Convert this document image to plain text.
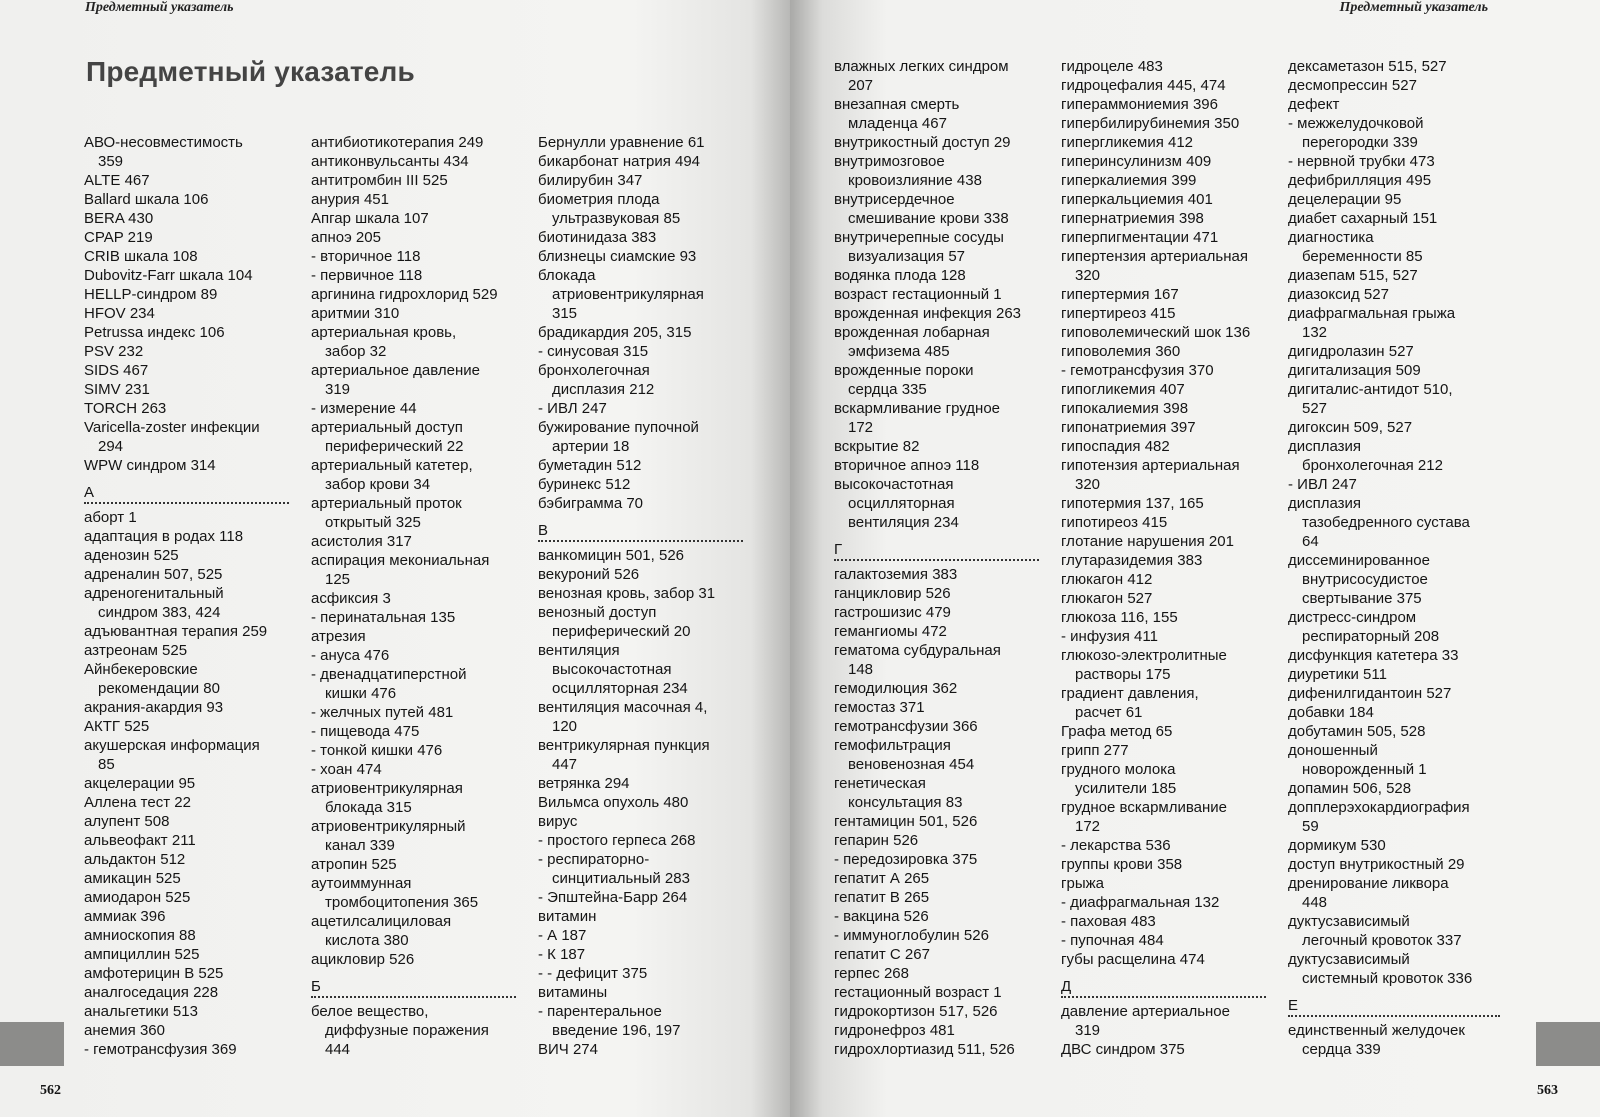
Предметный указатель
Предметный указатель
АВО-несовместимость
359
ALTE 467
Ballard шкала 106
BERA 430
CPAP 219
CRIB шкала 108
Dubovitz-Farr шкала 104
HELLP-синдром 89
HFOV 234
Petrussa индекс 106
PSV 232
SIDS 467
SIMV 231
TORCH 263
Varicella-zoster инфекции
294
WPW синдром 314
А
аборт 1
адаптация в родах 118
аденозин 525
адреналин 507, 525
адреногенитальный
синдром 383, 424
адъювантная терапия 259
азтреонам 525
Айнбекеровские
рекомендации 80
акрания-акардия 93
АКТГ 525
акушерская информация
85
акцелерации 95
Аллена тест 22
алупент 508
альвеофакт 211
альдактон 512
амикацин 525
амиодарон 525
аммиак 396
амниоскопия 88
ампициллин 525
амфотерицин В 525
аналгоседация 228
анальгетики 513
анемия 360
- гемотрансфузия 369
антибиотикотерапия 249
антиконвульсанты 434
антитромбин III 525
анурия 451
Апгар шкала 107
апноэ 205
- вторичное 118
- первичное 118
аргинина гидрохлорид 529
аритмии 310
артериальная кровь,
забор 32
артериальное давление
319
- измерение 44
артериальный доступ
периферический 22
артериальный катетер,
забор крови 34
артериальный проток
открытый 325
асистолия 317
аспирация мекониальная
125
асфиксия 3
- перинатальная 135
атрезия
- ануса 476
- двенадцатиперстной
кишки 476
- желчных путей 481
- пищевода 475
- тонкой кишки 476
- хоан 474
атриовентрикулярная
блокада 315
атриовентрикулярный
канал 339
атропин 525
аутоиммунная
тромбоцитопения 365
ацетилсалициловая
кислота 380
ацикловир 526
Б
белое вещество,
диффузные поражения
444
Бернулли уравнение 61
бикарбонат натрия 494
билирубин 347
биометрия плода
ультразвуковая 85
биотинидаза 383
близнецы сиамские 93
блокада
атриовентрикулярная
315
брадикардия 205, 315
- синусовая 315
бронхолегочная
дисплазия 212
- ИВЛ 247
бужирование пупочной
артерии 18
буметадин 512
буринекс 512
бэбиграмма 70
В
ванкомицин 501, 526
векуроний 526
венозная кровь, забор 31
венозный доступ
периферический 20
вентиляция
высокочастотная
осцилляторная 234
вентиляция масочная 4,
120
вентрикулярная пункция
447
ветрянка 294
Вильмса опухоль 480
вирус
- простого герпеса 268
- респираторно-
синцитиальный 283
- Эпштейна-Барр 264
витамин
- А 187
- К 187
- - дефицит 375
витамины
- парентеральное
введение 196, 197
ВИЧ 274
562
Предметный указатель
влажных легких синдром
207
внезапная смерть
младенца 467
внутрикостный доступ 29
внутримозговое
кровоизлияние 438
внутрисердечное
смешивание крови 338
внутричерепные сосуды
визуализация 57
водянка плода 128
возраст гестационный 1
врожденная инфекция 263
врожденная лобарная
эмфизема 485
врожденные пороки
сердца 335
вскармливание грудное
172
вскрытие 82
вторичное апноэ 118
высокочастотная
осцилляторная
вентиляция 234
Г
галактоземия 383
ганцикловир 526
гастрошизис 479
гемангиомы 472
гематома субдуральная
148
гемодилюция 362
гемостаз 371
гемотрансфузии 366
гемофильтрация
веновенозная 454
генетическая
консультация 83
гентамицин 501, 526
гепарин 526
- передозировка 375
гепатит А 265
гепатит В 265
- вакцина 526
- иммуноглобулин 526
гепатит С 267
герпес 268
гестационный возраст 1
гидрокортизон 517, 526
гидронефроз 481
гидрохлортиазид 511, 526
гидроцеле 483
гидроцефалия 445, 474
гипераммониемия 396
гипербилирубинемия 350
гипергликемия 412
гиперинсулинизм 409
гиперкалиемия 399
гиперкальциемия 401
гипернатриемия 398
гиперпигментации 471
гипертензия артериальная
320
гипертермия 167
гипертиреоз 415
гиповолемический шок 136
гиповолемия 360
- гемотрансфузия 370
гипогликемия 407
гипокалиемия 398
гипонатриемия 397
гипоспадия 482
гипотензия артериальная
320
гипотермия 137, 165
гипотиреоз 415
глотание нарушения 201
глутаразидемия 383
глюкагон 412
глюкагон 527
глюкоза 116, 155
- инфузия 411
глюкозо-электролитные
растворы 175
градиент давления,
расчет 61
Графа метод 65
грипп 277
грудного молока
усилители 185
грудное вскармливание
172
- лекарства 536
группы крови 358
грыжа
- диафрагмальная 132
- паховая 483
- пупочная 484
губы расщелина 474
Д
давление артериальное
319
ДВС синдром 375
дексаметазон 515, 527
десмопрессин 527
дефект
- межжелудочковой
перегородки 339
- нервной трубки 473
дефибрилляция 495
децелерации 95
диабет сахарный 151
диагностика
беременности 85
диазепам 515, 527
диазоксид 527
диафрагмальная грыжа
132
дигидролазин 527
дигитализация 509
дигиталис-антидот 510,
527
дигоксин 509, 527
дисплазия
бронхолегочная 212
- ИВЛ 247
дисплазия
тазобедренного сустава
64
диссеминированное
внутрисосудистое
свертывание 375
дистресс-синдром
респираторный 208
дисфункция катетера 33
диуретики 511
дифенилгидантоин 527
добавки 184
добутамин 505, 528
доношенный
новорожденный 1
допамин 506, 528
допплерэхокардиография
59
дормикум 530
доступ внутрикостный 29
дренирование ликвора
448
дуктусзависимый
легочный кровоток 337
дуктусзависимый
системный кровоток 336
Е
единственный желудочек
сердца 339
563
